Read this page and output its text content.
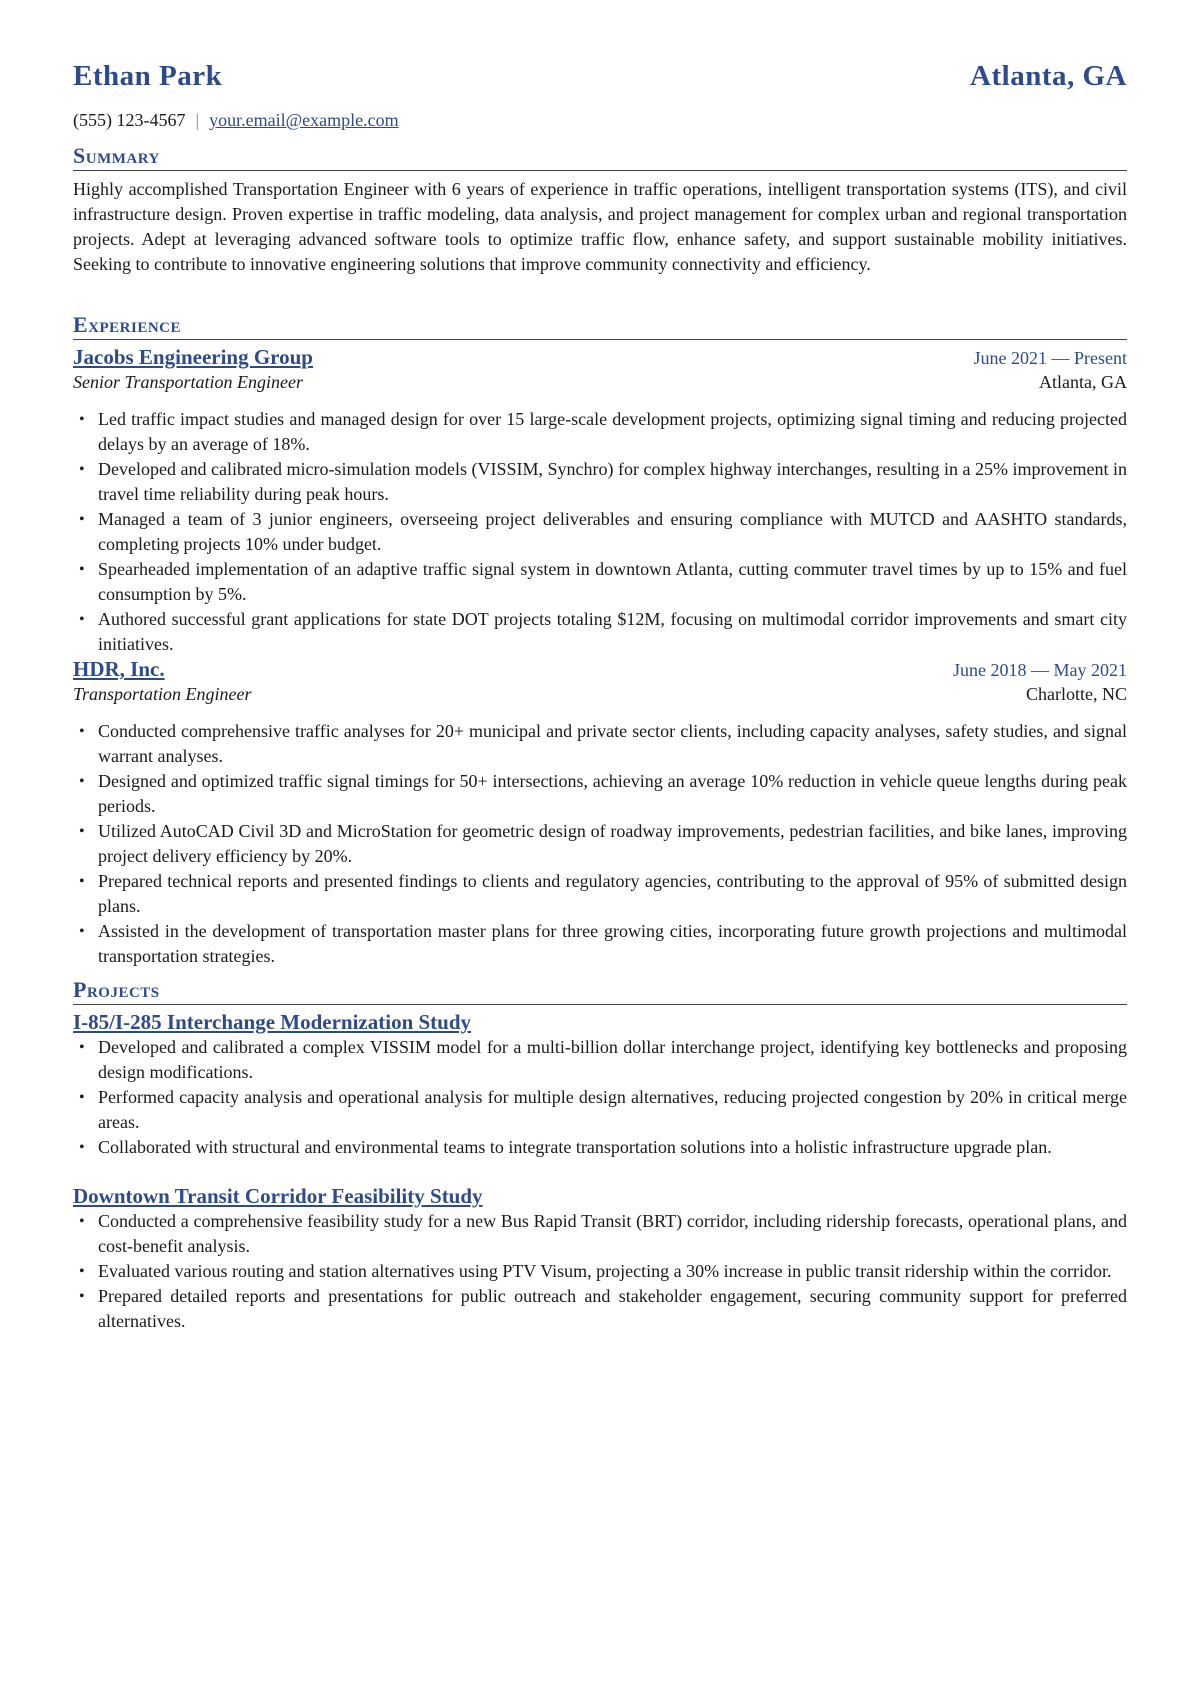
Ethan Park	Atlanta, GA
(555) 123-4567 | your.email@example.com
Summary
Highly accomplished Transportation Engineer with 6 years of experience in traffic operations, intelligent transportation systems (ITS), and civil infrastructure design. Proven expertise in traffic modeling, data analysis, and project management for complex urban and regional transportation projects. Adept at leveraging advanced software tools to optimize traffic flow, enhance safety, and support sustainable mobility initiatives. Seeking to contribute to innovative engineering solutions that improve community connectivity and efficiency.
Experience
Jacobs Engineering Group	June 2021 — Present
Senior Transportation Engineer	Atlanta, GA
• Led traffic impact studies and managed design for over 15 large-scale development projects, optimizing signal timing and reducing projected delays by an average of 18%.
• Developed and calibrated micro-simulation models (VISSIM, Synchro) for complex highway interchanges, resulting in a 25% improvement in travel time reliability during peak hours.
• Managed a team of 3 junior engineers, overseeing project deliverables and ensuring compliance with MUTCD and AASHTO standards, completing projects 10% under budget.
• Spearheaded implementation of an adaptive traffic signal system in downtown Atlanta, cutting commuter travel times by up to 15% and fuel consumption by 5%.
• Authored successful grant applications for state DOT projects totaling $12M, focusing on multimodal corridor improvements and smart city initiatives.
HDR, Inc.	June 2018 — May 2021
Transportation Engineer	Charlotte, NC
• Conducted comprehensive traffic analyses for 20+ municipal and private sector clients, including capacity analyses, safety studies, and signal warrant analyses.
• Designed and optimized traffic signal timings for 50+ intersections, achieving an average 10% reduction in vehicle queue lengths during peak periods.
• Utilized AutoCAD Civil 3D and MicroStation for geometric design of roadway improvements, pedestrian facilities, and bike lanes, improving project delivery efficiency by 20%.
• Prepared technical reports and presented findings to clients and regulatory agencies, contributing to the approval of 95% of submitted design plans.
• Assisted in the development of transportation master plans for three growing cities, incorporating future growth projections and multimodal transportation strategies.
Projects
I-85/I-285 Interchange Modernization Study
• Developed and calibrated a complex VISSIM model for a multi-billion dollar interchange project, identifying key bottlenecks and proposing design modifications.
• Performed capacity analysis and operational analysis for multiple design alternatives, reducing projected congestion by 20% in critical merge areas.
• Collaborated with structural and environmental teams to integrate transportation solutions into a holistic infrastructure upgrade plan.
Downtown Transit Corridor Feasibility Study
• Conducted a comprehensive feasibility study for a new Bus Rapid Transit (BRT) corridor, including ridership forecasts, operational plans, and cost-benefit analysis.
• Evaluated various routing and station alternatives using PTV Visum, projecting a 30% increase in public transit ridership within the corridor.
• Prepared detailed reports and presentations for public outreach and stakeholder engagement, securing community support for preferred alternatives.
